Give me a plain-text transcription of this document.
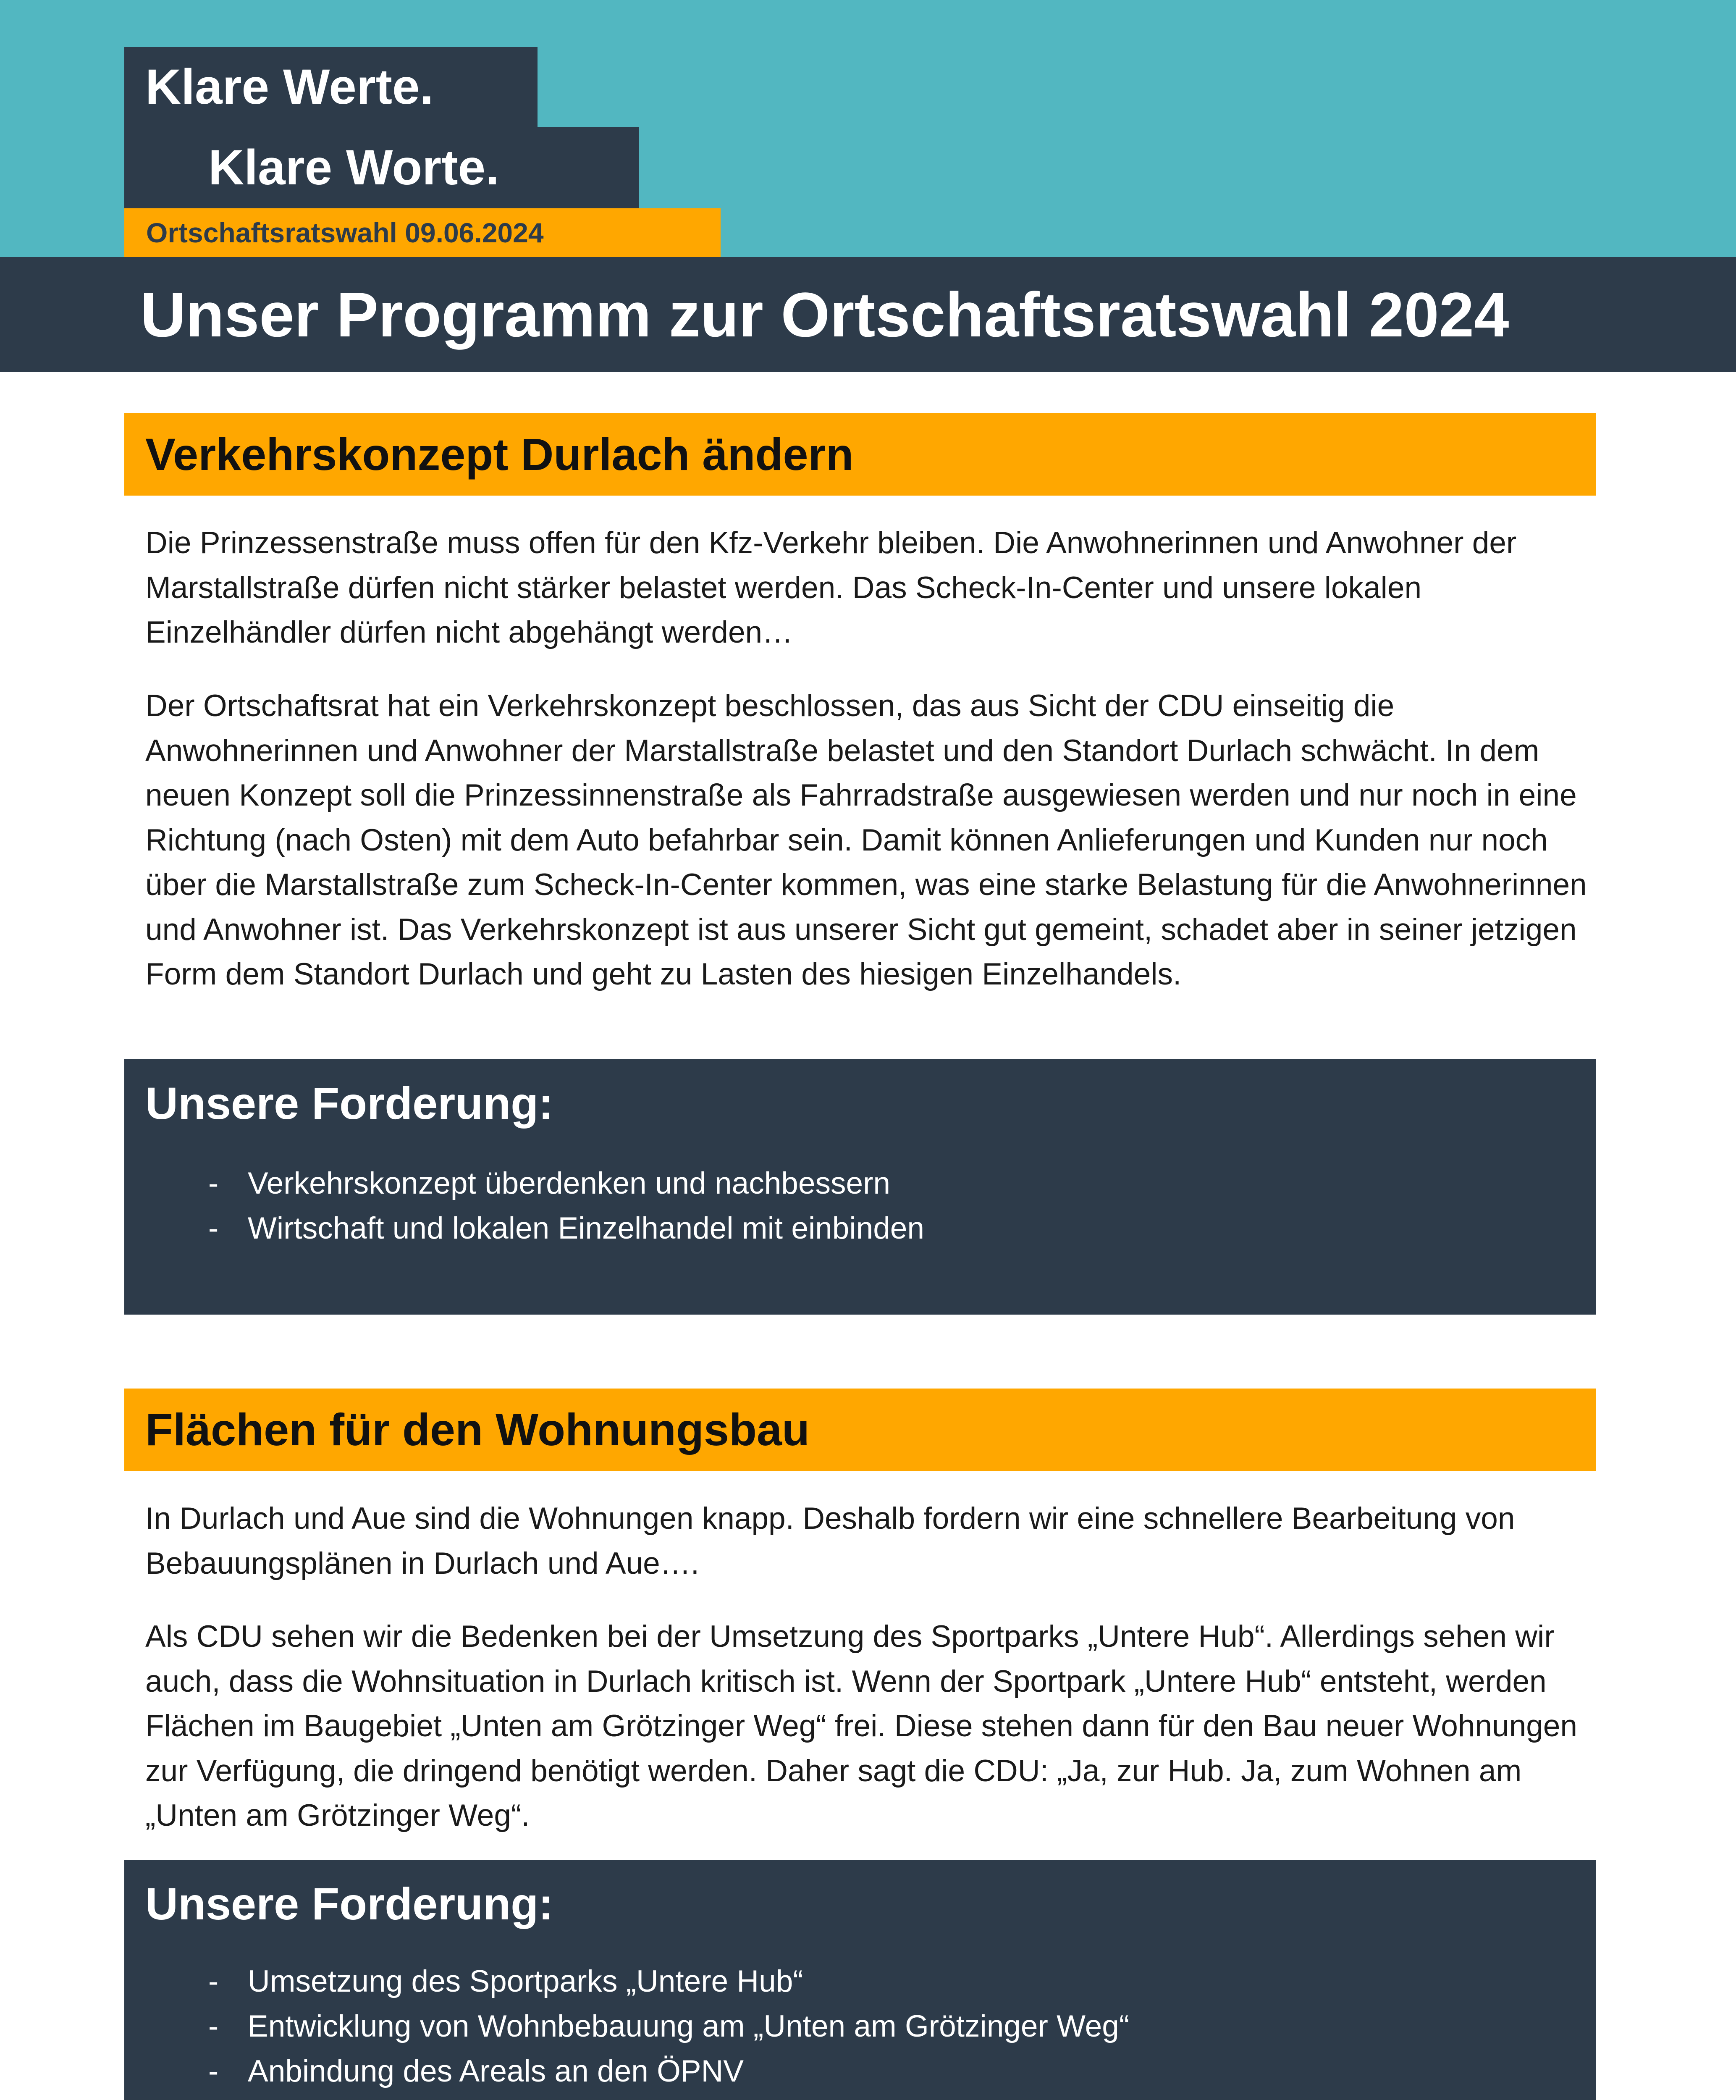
Klare Werte.
Klare Worte.
Ortschaftsratswahl 09.06.2024
Unser Programm zur Ortschaftsratswahl 2024
Verkehrskonzept Durlach ändern

Die Prinzessenstraße muss offen für den Kfz-Verkehr bleiben. Die Anwohnerinnen und Anwohner der Marstallstraße dürfen nicht stärker belastet werden. Das Scheck-In-Center und unsere lokalen Einzelhändler dürfen nicht abgehängt werden…

Der Ortschaftsrat hat ein Verkehrskonzept beschlossen, das aus Sicht der CDU einseitig die Anwohnerinnen und Anwohner der Marstallstraße belastet und den Standort Durlach schwächt. In dem neuen Konzept soll die Prinzessinnenstraße als Fahrradstraße ausgewiesen werden und nur noch in eine Richtung (nach Osten) mit dem Auto befahrbar sein. Damit können Anlieferungen und Kunden nur noch über die Marstallstraße zum Scheck-In-Center kommen, was eine starke Belastung für die Anwohnerinnen und Anwohner ist. Das Verkehrskonzept ist aus unserer Sicht gut gemeint, schadet aber in seiner jetzigen Form dem Standort Durlach und geht zu Lasten des hiesigen Einzelhandels.

Unsere Forderung:
- Verkehrskonzept überdenken und nachbessern
- Wirtschaft und lokalen Einzelhandel mit einbinden
Flächen für den Wohnungsbau

In Durlach und Aue sind die Wohnungen knapp. Deshalb fordern wir eine schnellere Bearbeitung von Bebauungsplänen in Durlach und Aue….

Als CDU sehen wir die Bedenken bei der Umsetzung des Sportparks „Untere Hub“. Allerdings sehen wir auch, dass die Wohnsituation in Durlach kritisch ist. Wenn der Sportpark „Untere Hub“ entsteht, werden Flächen im Baugebiet „Unten am Grötzinger Weg“ frei. Diese stehen dann für den Bau neuer Wohnungen zur Verfügung, die dringend benötigt werden. Daher sagt die CDU: „Ja, zur Hub. Ja, zum Wohnen am „Unten am Grötzinger Weg“.

Unsere Forderung:
- Umsetzung des Sportparks „Untere Hub“
- Entwicklung von Wohnbebauung am „Unten am Grötzinger Weg“
- Anbindung des Areals an den ÖPNV
